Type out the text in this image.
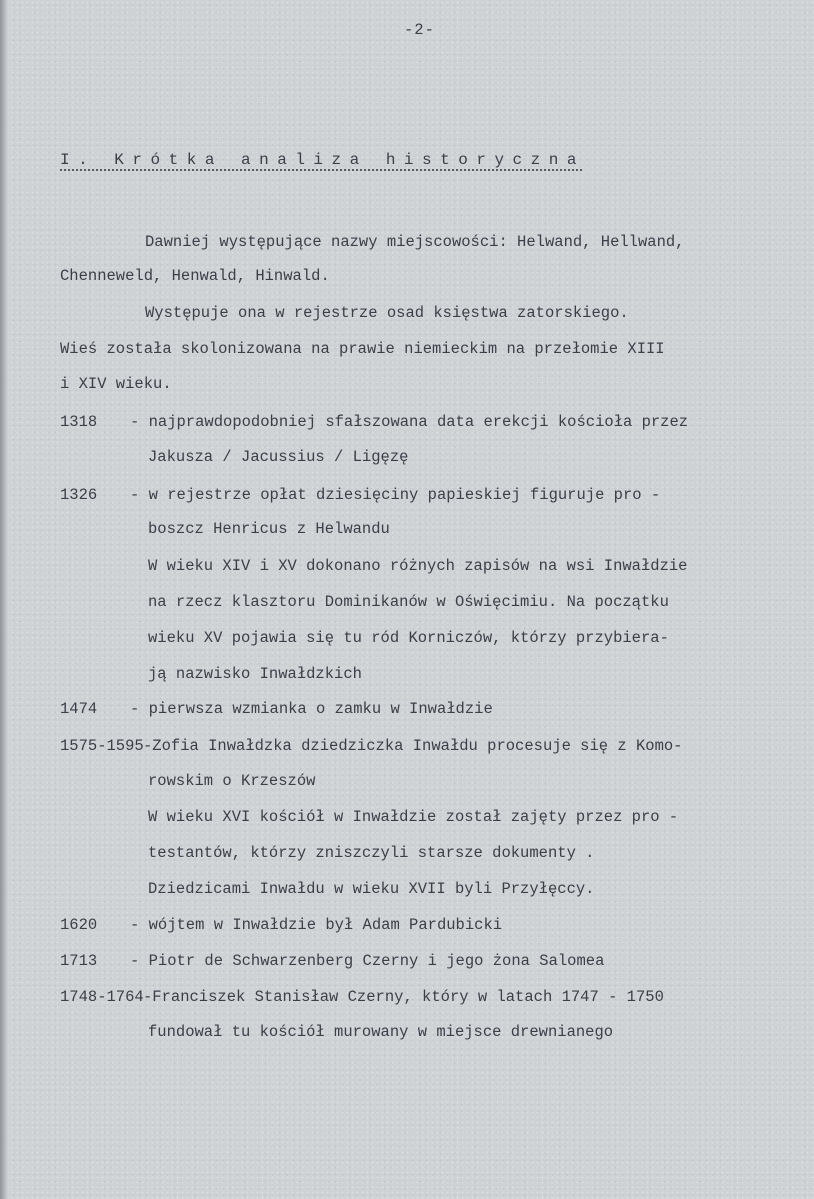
-2-
I. Krótka analiza historyczna
Dawniej występujące nazwy miejscowości: Helwand, Hellwand,
Chenneweld, Henwald, Hinwald.
Występuje ona w rejestrze osad księstwa zatorskiego.
Wieś została skolonizowana na prawie niemieckim na przełomie XIII
i XIV wieku.
1318 - najprawdopodobniej sfałszowana data erekcji kościoła przez
Jakusza / Jacussius / Ligęzę
1326 - w rejestrze opłat dziesięciny papieskiej figuruje pro -
boszcz Henricus z Helwandu
W wieku XIV i XV dokonano różnych zapisów na wsi Inwałdzie
na rzecz klasztoru Dominikanów w Oświęcimiu. Na początku
wieku XV pojawia się tu ród Korniczów, którzy przybiera-
ją nazwisko Inwałdzkich
1474 - pierwsza wzmianka o zamku w Inwałdzie
1575-1595 -Zofia Inwałdzka dziedziczka Inwałdu procesuje się z Komo-
rowskim o Krzeszów
W wieku XVI kościół w Inwałdzie został zajęty przez pro -
testantów, którzy zniszczyli starsze dokumenty .
Dziedzicami Inwałdu w wieku XVII byli Przyłęccy.
1620 - wójtem w Inwałdzie był Adam Pardubicki
1713 - Piotr de Schwarzenberg Czerny i jego żona Salomea
1748-1764 -Franciszek Stanisław Czerny, który w latach 1747 - 1750
fundował tu kościół murowany w miejsce drewnianego
